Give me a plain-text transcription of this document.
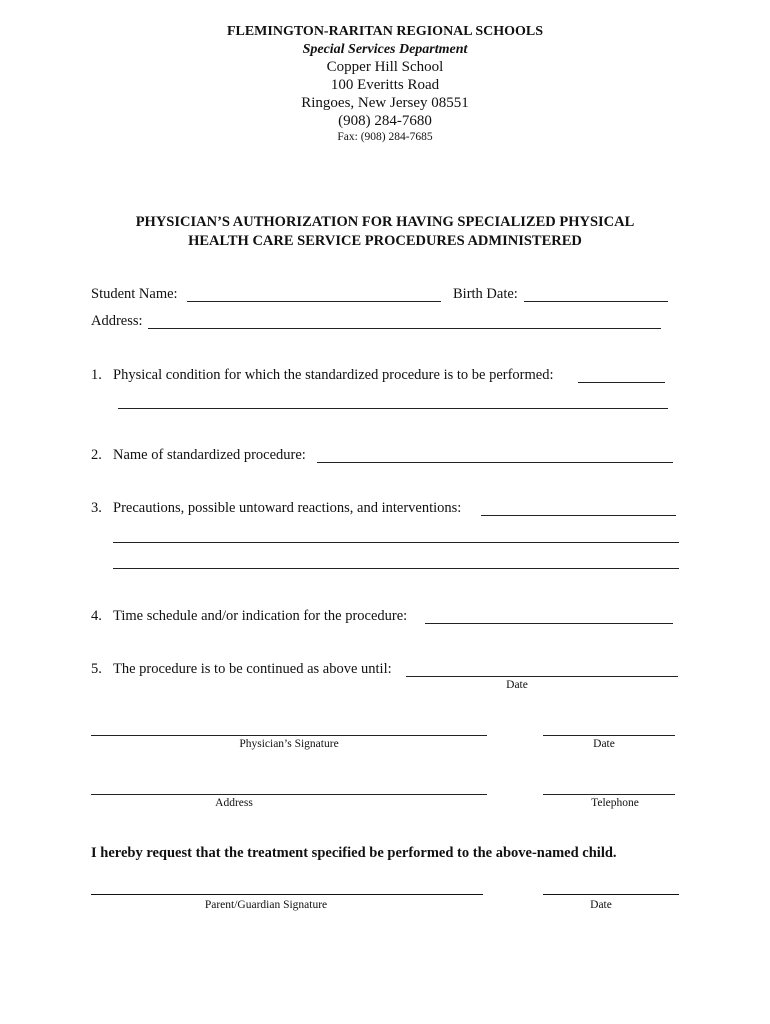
FLEMINGTON-RARITAN REGIONAL SCHOOLS
Special Services Department
Copper Hill School
100 Everitts Road
Ringoes, New Jersey 08551
(908) 284-7680
Fax: (908) 284-7685
PHYSICIAN’S AUTHORIZATION FOR HAVING SPECIALIZED PHYSICAL
HEALTH CARE SERVICE PROCEDURES ADMINISTERED
Student Name:	Birth Date:
Address:
1. Physical condition for which the standardized procedure is to be performed:
2. Name of standardized procedure:
3. Precautions, possible untoward reactions, and interventions:
4. Time schedule and/or indication for the procedure:
5. The procedure is to be continued as above until:
Date
Physician’s Signature	Date
Address	Telephone
I hereby request that the treatment specified be performed to the above-named child.
Parent/Guardian Signature	Date
